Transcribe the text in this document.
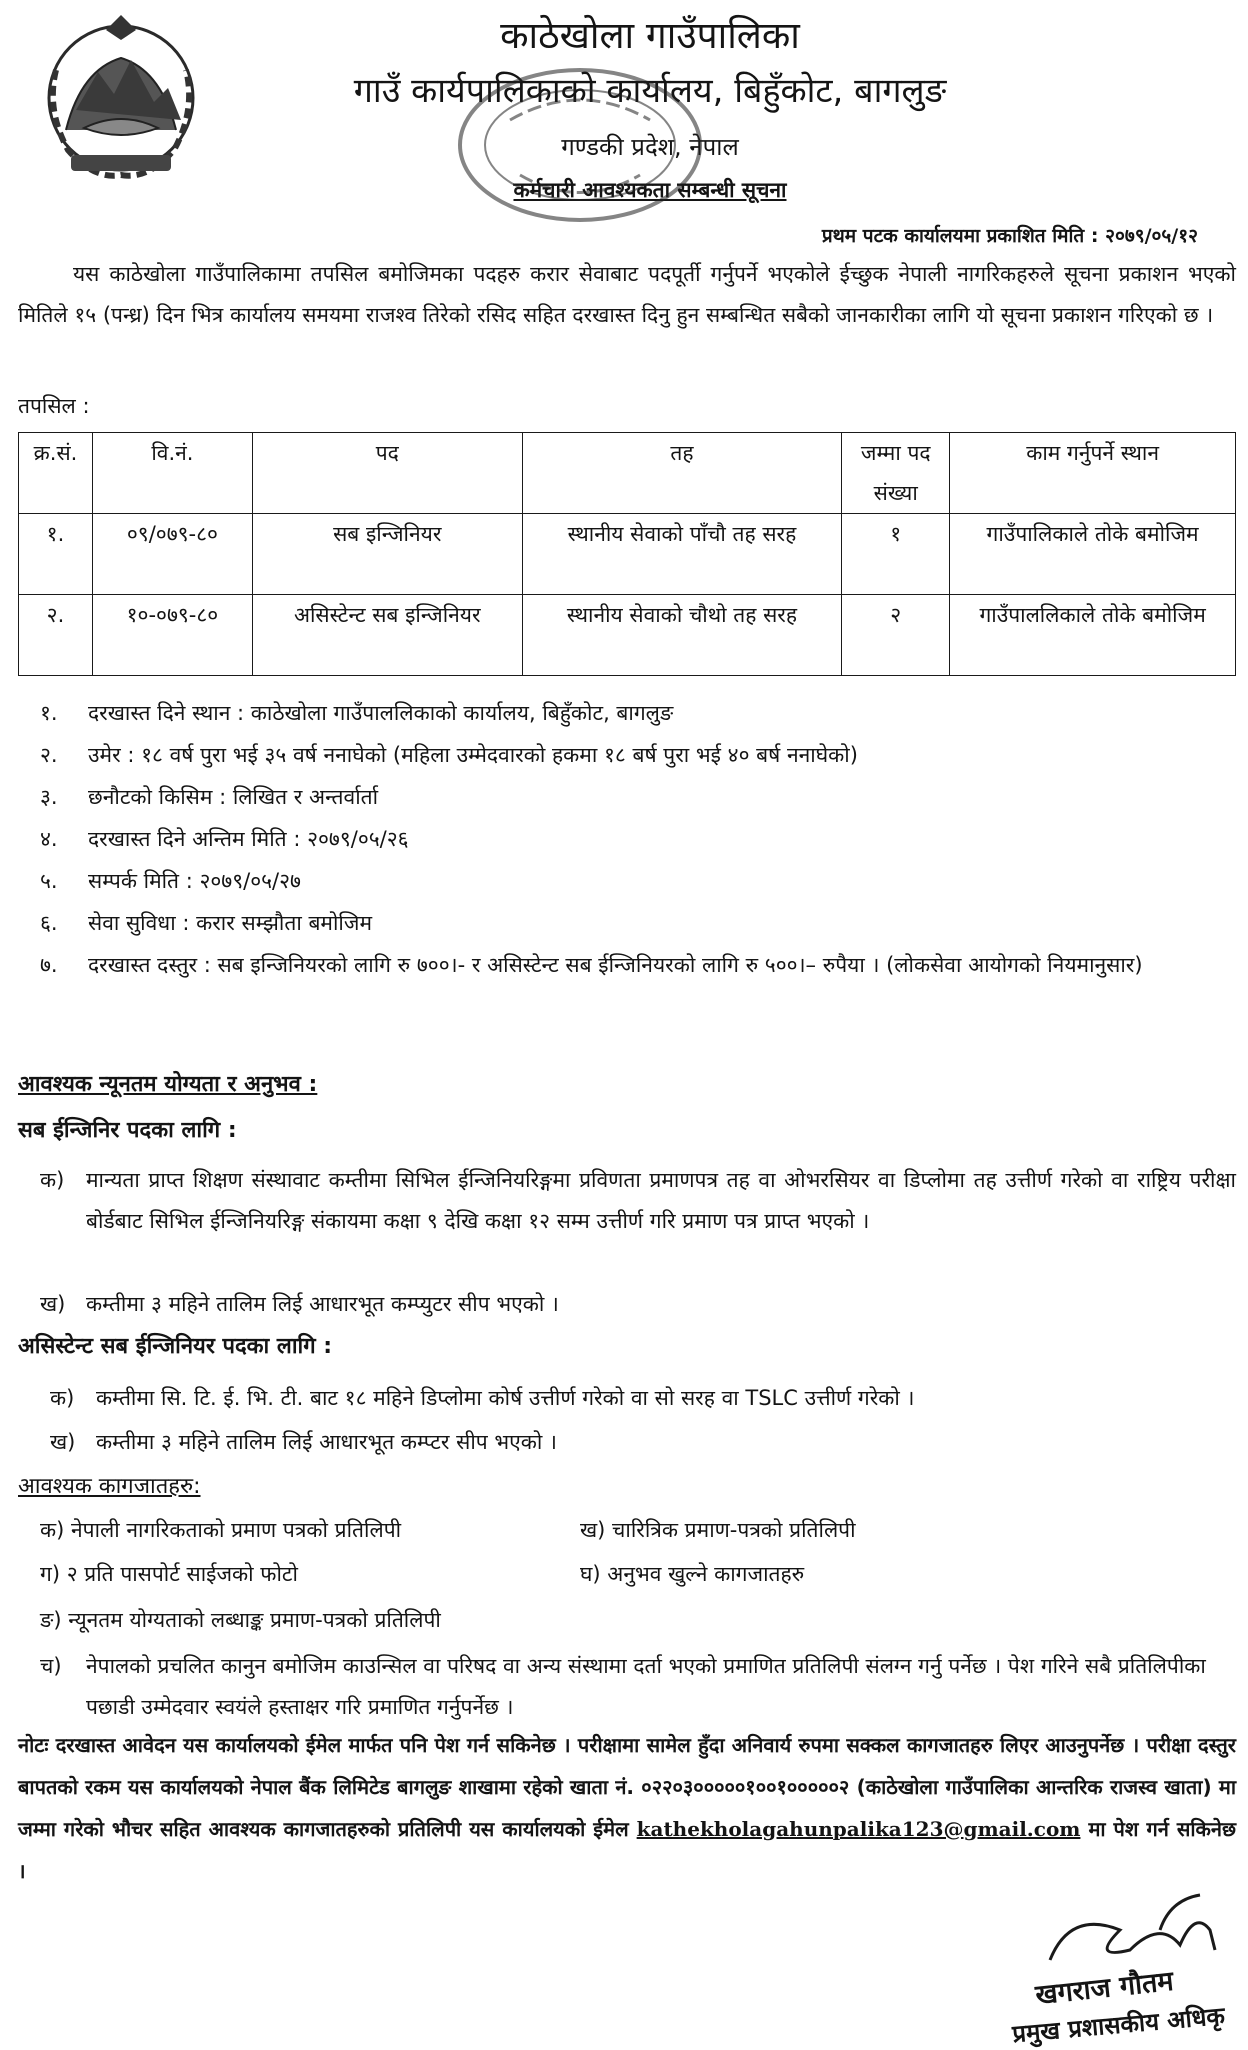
काठेखोला गाउँपालिका
गाउँ कार्यपालिकाको कार्यालय, बिहुँकोट, बागलुङ
गण्डकी प्रदेश, नेपाल
कर्मचारी आवश्यकता सम्बन्धी सूचना
प्रथम पटक कार्यालयमा प्रकाशित मिति : २०७९/०५/१२
यस काठेखोला गाउँपालिकामा तपसिल बमोजिमका पदहरु करार सेवाबाट पदपूर्ती गर्नुपर्ने भएकोले ईच्छुक नेपाली नागरिकहरुले सूचना प्रकाशन भएको मितिले १५ (पन्ध्र) दिन भित्र कार्यालय समयमा राजश्व तिरेको रसिद सहित दरखास्त दिनु हुन सम्बन्धित सबैको जानकारीका लागि यो सूचना प्रकाशन गरिएको छ ।
तपसिल :
क्र.सं.	वि.नं.	पद	तह	जम्मा पद संख्या	काम गर्नुपर्ने स्थान
१.	०९/०७९-८०	सब इन्जिनियर	स्थानीय सेवाको पाँचौ तह सरह	१	गाउँपालिकाले तोके बमोजिम
२.	१०-०७९-८०	असिस्टेन्ट सब इन्जिनियर	स्थानीय सेवाको चौथो तह सरह	२	गाउँपाललिकाले तोके बमोजिम
१.	दरखास्त दिने स्थान : काठेखोला गाउँपाललिकाको कार्यालय, बिहुँकोट, बागलुङ
२.	उमेर : १८ वर्ष पुरा भई ३५ वर्ष ननाघेको (महिला उम्मेदवारको हकमा १८ बर्ष पुरा भई ४० बर्ष ननाघेको)
३.	छनौटको किसिम : लिखित र अन्तर्वार्ता
४.	दरखास्त दिने अन्तिम मिति : २०७९/०५/२६
५.	सम्पर्क मिति : २०७९/०५/२७
६.	सेवा सुविधा : करार सम्झौता बमोजिम
७.	दरखास्त दस्तुर : सब इन्जिनियरको लागि रु ७००।- र असिस्टेन्ट सब ईन्जिनियरको लागि रु ५००।– रुपैया । (लोकसेवा आयोगको नियमानुसार)
आवश्यक न्यूनतम योग्यता र अनुभव :
सब ईन्जिनिर पदका लागि :
क)	मान्यता प्राप्त शिक्षण संस्थावाट कम्तीमा सिभिल ईन्जिनियरिङ्गमा प्रविणता प्रमाणपत्र तह वा ओभरसियर वा डिप्लोमा तह उत्तीर्ण गरेको वा राष्ट्रिय परीक्षा बोर्डबाट सिभिल ईन्जिनियरिङ्ग संकायमा कक्षा ९ देखि कक्षा १२ सम्म उत्तीर्ण गरि प्रमाण पत्र प्राप्त भएको ।
ख) कम्तीमा ३ महिने तालिम लिई आधारभूत कम्प्युटर सीप भएको ।
असिस्टेन्ट सब ईन्जिनियर पदका लागि :
क)	कम्तीमा सि. टि. ई. भि. टी. बाट १८ महिने डिप्लोमा कोर्ष उत्तीर्ण गरेको वा सो सरह वा TSLC उत्तीर्ण गरेको ।
ख) कम्तीमा ३ महिने तालिम लिई आधारभूत कम्प्टर सीप भएको ।
आवश्यक कागजातहरु:
क) नेपाली नागरिकताको प्रमाण पत्रको प्रतिलिपी	ख) चारित्रिक प्रमाण-पत्रको प्रतिलिपी
ग) २ प्रति पासपोर्ट साईजको फोटो	घ) अनुभव खुल्ने कागजातहरु
ङ) न्यूनतम योग्यताको लब्धाङ्क प्रमाण-पत्रको प्रतिलिपी
च)	नेपालको प्रचलित कानुन बमोजिम काउन्सिल वा परिषद वा अन्य संस्थामा दर्ता भएको प्रमाणित प्रतिलिपी संलग्न गर्नु पर्नेछ । पेश गरिने सबै प्रतिलिपीका पछाडी उम्मेदवार स्वयंले हस्ताक्षर गरि प्रमाणित गर्नुपर्नेछ ।
नोटः दरखास्त आवेदन यस कार्यालयको ईमेल मार्फत पनि पेश गर्न सकिनेछ । परीक्षामा सामेल हुँदा अनिवार्य रुपमा सक्कल कागजातहरु लिएर आउनुपर्नेछ । परीक्षा दस्तुर बापतको रकम यस कार्यालयको नेपाल बैंक लिमिटेड बागलुङ शाखामा रहेको खाता नं. ०२२०३०००००१००१०००००२ (काठेखोला गाउँपालिका आन्तरिक राजस्व खाता) मा जम्मा गरेको भौचर सहित आवश्यक कागजातहरुको प्रतिलिपी यस कार्यालयको ईमेल kathekholagahunpalika123@gmail.com मा पेश गर्न सकिनेछ ।
खगराज गौतम
प्रमुख प्रशासकीय अधिकृ
